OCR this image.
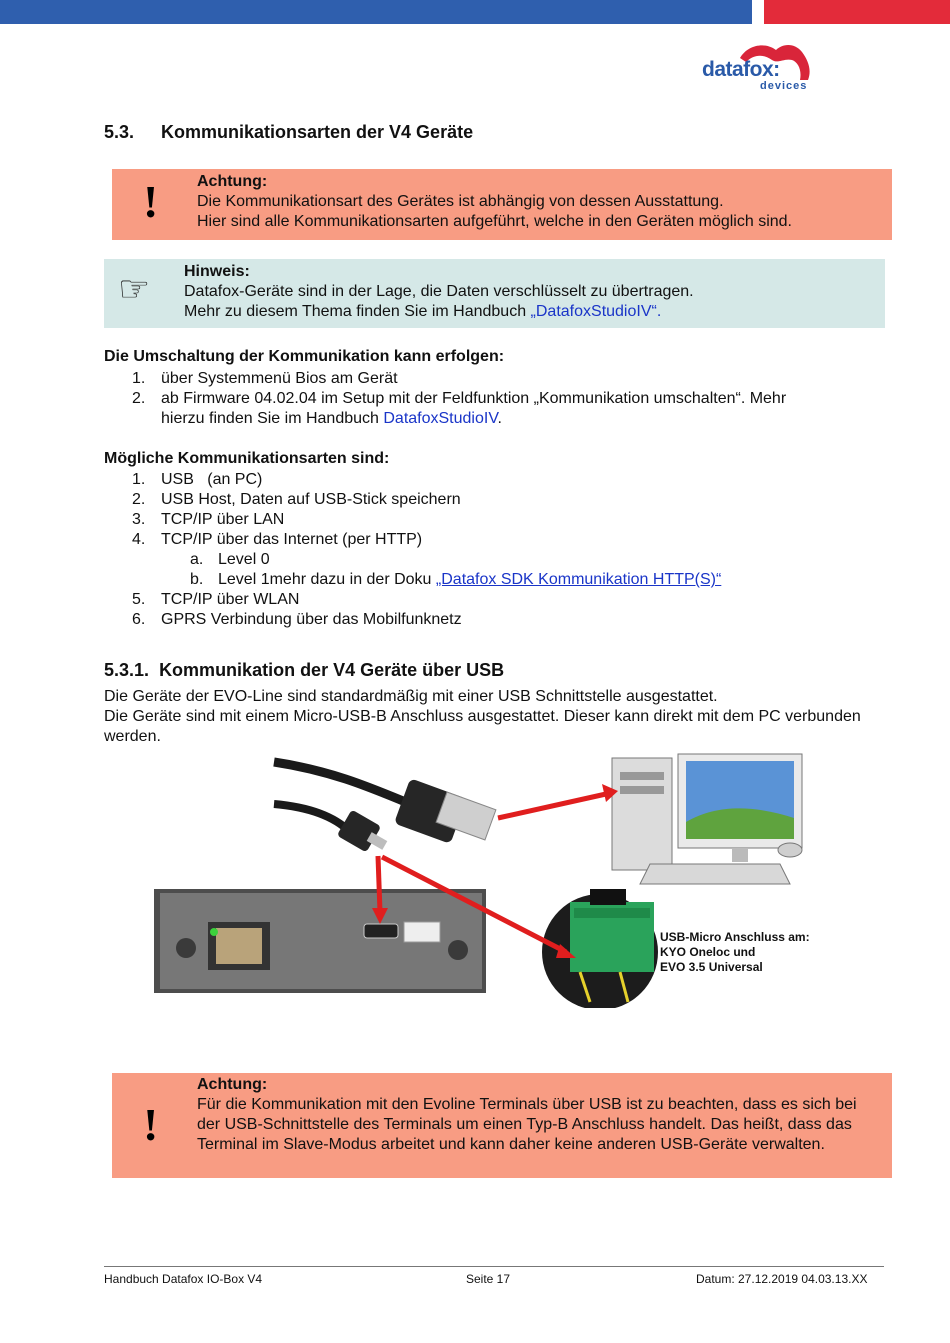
datafox:
devices
5.3. Kommunikationsarten der V4 Geräte
! Achtung:
Die Kommunikationsart des Gerätes ist abhängig von dessen Ausstattung.
Hier sind alle Kommunikationsarten aufgeführt, welche in den Geräten möglich sind.
☞ Hinweis:
Datafox-Geräte sind in der Lage, die Daten verschlüsselt zu übertragen.
Mehr zu diesem Thema finden Sie im Handbuch „DatafoxStudioIV“.
Die Umschaltung der Kommunikation kann erfolgen:
1. über Systemmenü Bios am Gerät
2. ab Firmware 04.02.04 im Setup mit der Feldfunktion „Kommunikation umschalten“. Mehr
hierzu finden Sie im Handbuch DatafoxStudioIV.
Mögliche Kommunikationsarten sind:
1. USB   (an PC)
2. USB Host, Daten auf USB-Stick speichern
3. TCP/IP über LAN
4. TCP/IP über das Internet (per HTTP)
a. Level 0
b. Level 1mehr dazu in der Doku „Datafox SDK Kommunikation HTTP(S)“
5. TCP/IP über WLAN
6. GPRS Verbindung über das Mobilfunknetz
5.3.1. Kommunikation der V4 Geräte über USB
Die Geräte der EVO-Line sind standardmäßig mit einer USB Schnittstelle ausgestattet.
Die Geräte sind mit einem Micro-USB-B Anschluss ausgestattet. Dieser kann direkt mit dem PC verbunden werden.
USB-Micro Anschluss am:
KYO Oneloc und
EVO 3.5 Universal
!
Achtung:
Für die Kommunikation mit den Evoline Terminals über USB ist zu beachten, dass es sich bei der USB-Schnittstelle des Terminals um einen Typ-B Anschluss handelt. Das heißt, dass das Terminal im Slave-Modus arbeitet und kann daher keine anderen USB-Geräte verwalten.
Handbuch Datafox IO-Box V4	Seite 17	Datum: 27.12.2019 04.03.13.XX
